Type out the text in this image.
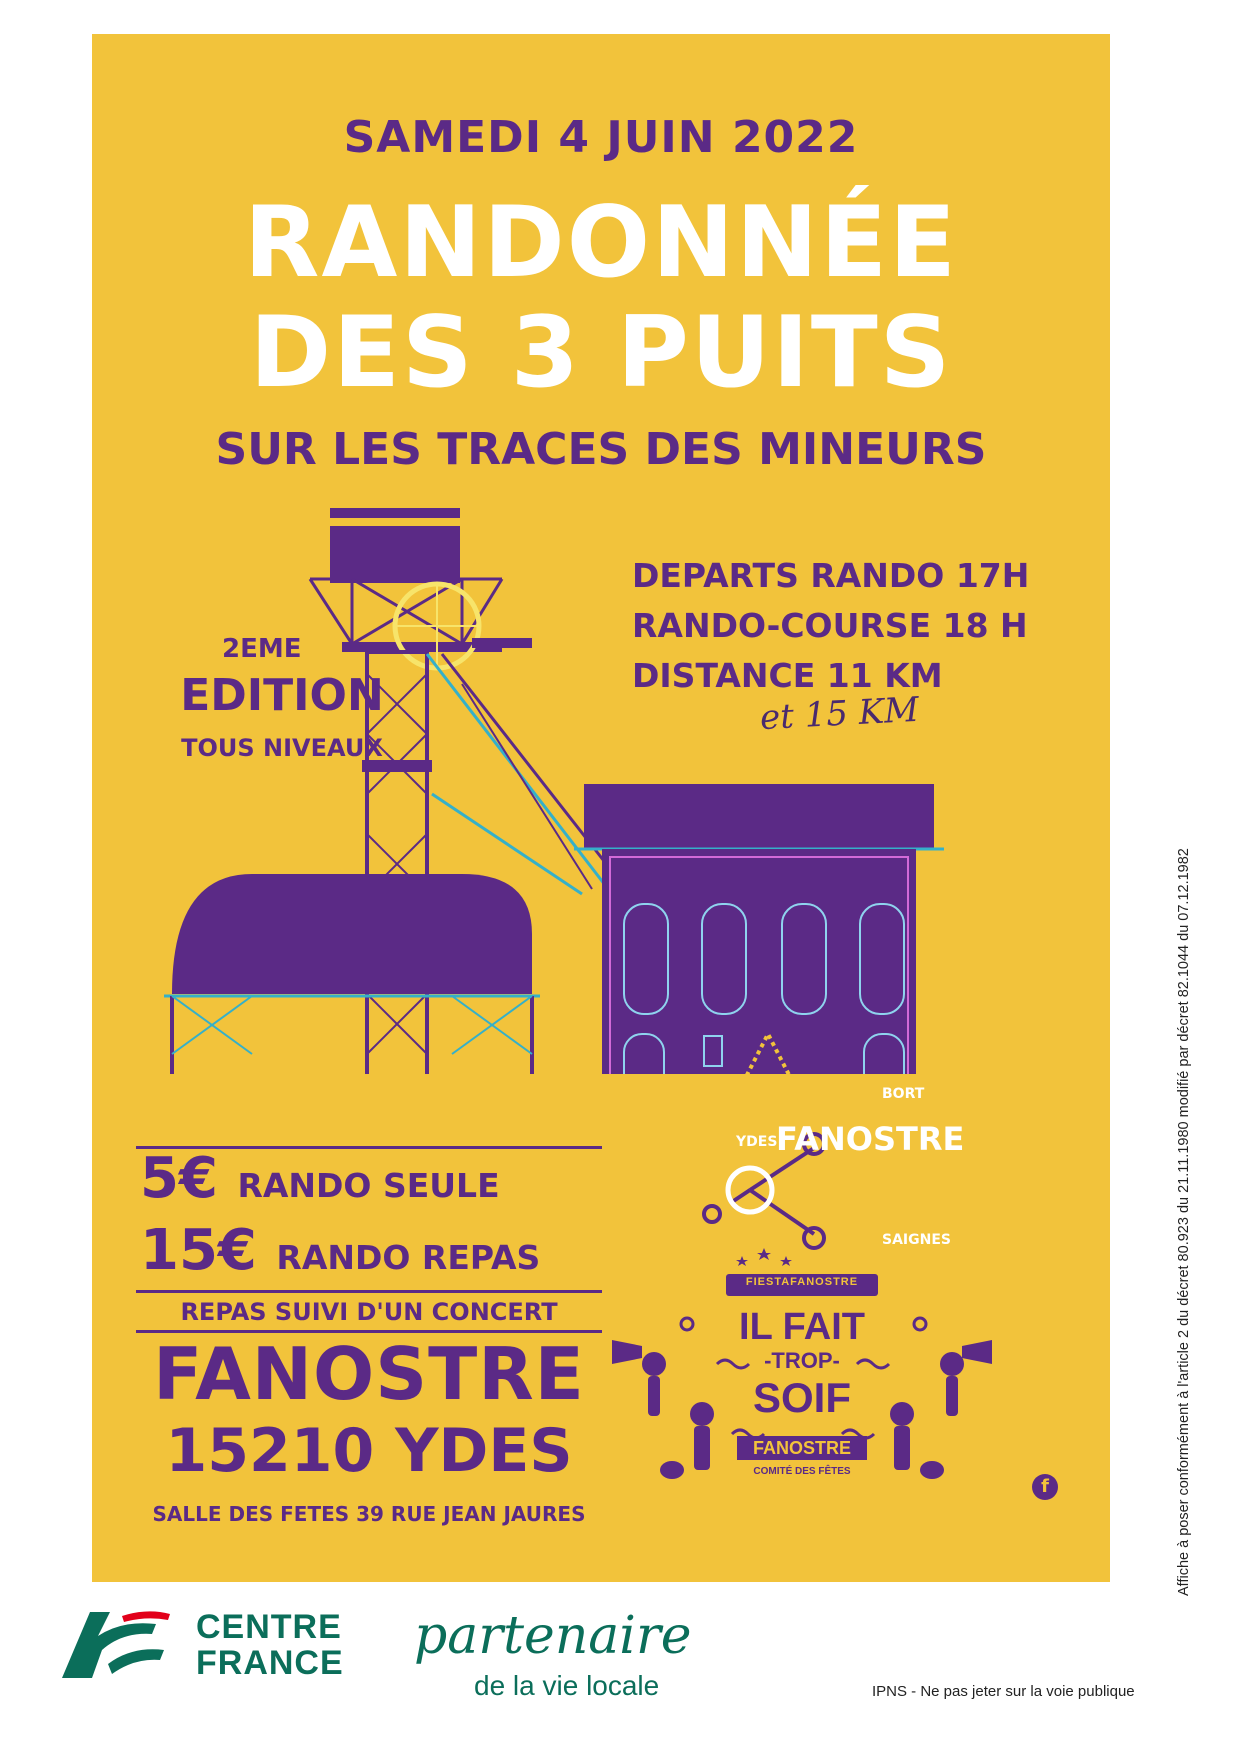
SAMEDI 4 JUIN 2022
RANDONNÉE
DES 3 PUITS
SUR LES TRACES DES MINEURS
2EME
EDITION
TOUS NIVEAUX
DEPARTS RANDO 17H
RANDO-COURSE 18 H
DISTANCE 11 KM
et 15 KM
5€ RANDO SEULE
15€ RANDO REPAS
REPAS SUIVI D'UN CONCERT
FANOSTRE
15210 YDES
SALLE DES FETES 39 RUE JEAN JAURES
YDES
BORT
FANOSTRE
SAIGNES
FIESTAFANOSTRE
IL FAIT
-TROP-
SOIF
FANOSTRE
COMITÉ DES FÊTES
f	Affiche à poser conformément à l'article 2 du décret 80.923 du 21.11.1980 modifié par décret 82.1044 du 07.12.1982
CENTRE
FRANCE partenaire
de la vie locale	IPNS - Ne pas jeter sur la voie publique
